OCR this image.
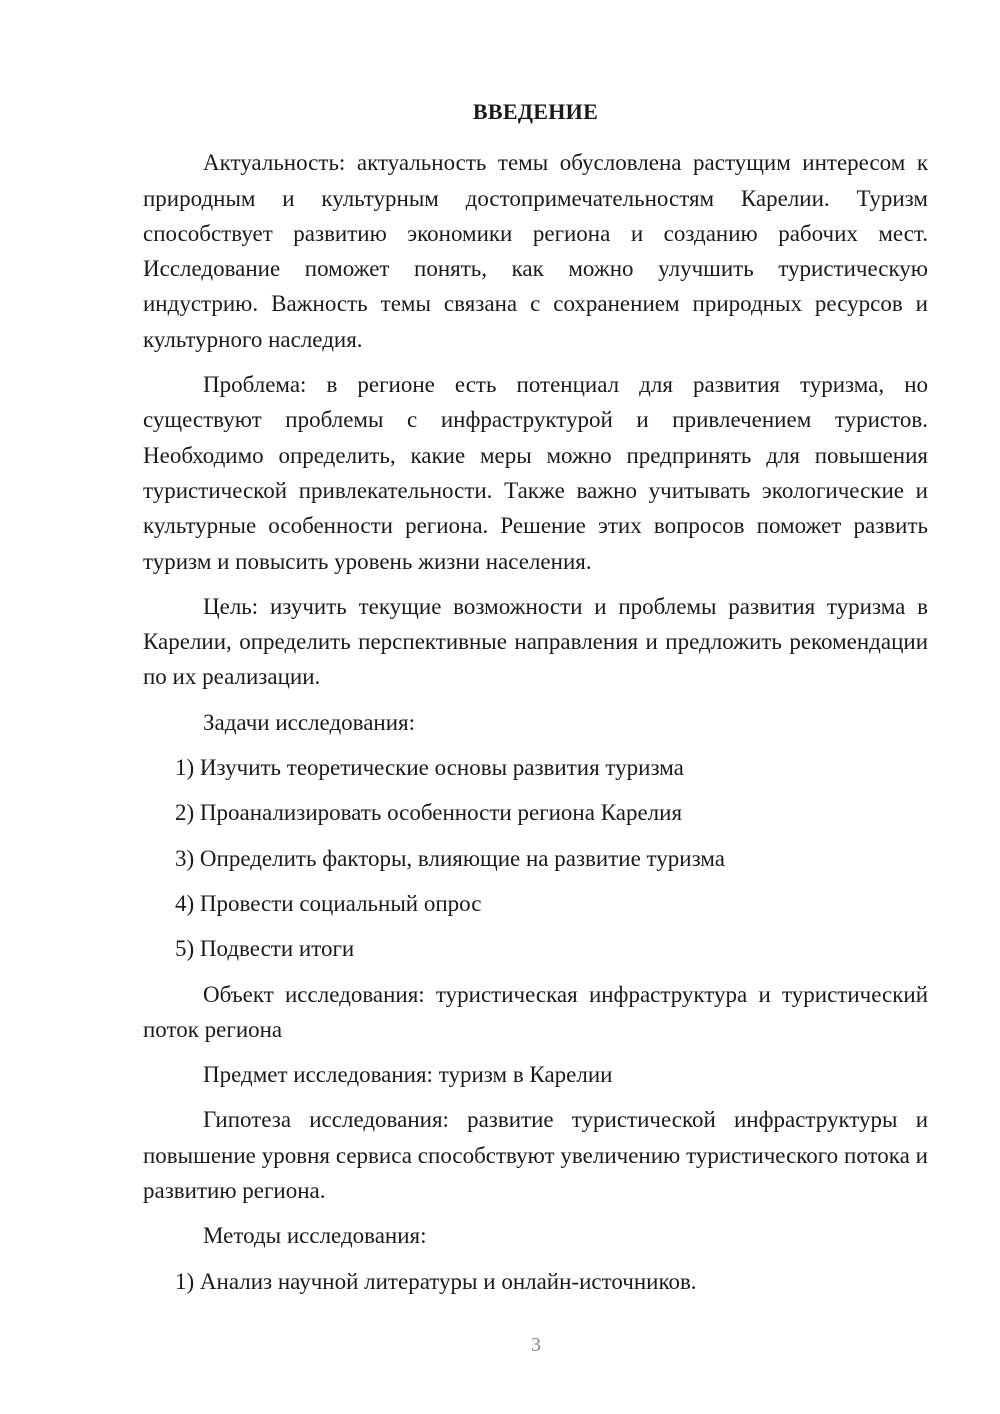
ВВЕДЕНИЕ

Актуальность: актуальность темы обусловлена растущим интересом к природным и культурным достопримечательностям Карелии. Туризм способствует развитию экономики региона и созданию рабочих мест. Исследование поможет понять, как можно улучшить туристическую индустрию. Важность темы связана с сохранением природных ресурсов и культурного наследия.

Проблема: в регионе есть потенциал для развития туризма, но существуют проблемы с инфраструктурой и привлечением туристов. Необходимо определить, какие меры можно предпринять для повышения туристической привлекательности. Также важно учитывать экологические и культурные особенности региона. Решение этих вопросов поможет развить туризм и повысить уровень жизни населения.

Цель: изучить текущие возможности и проблемы развития туризма в Карелии, определить перспективные направления и предложить рекомендации по их реализации.

Задачи исследования:

1) Изучить теоретические основы развития туризма

2) Проанализировать особенности региона Карелия

3) Определить факторы, влияющие на развитие туризма

4) Провести социальный опрос

5) Подвести итоги

Объект исследования: туристическая инфраструктура и туристический поток региона

Предмет исследования: туризм в Карелии

Гипотеза исследования: развитие туристической инфраструктуры и повышение уровня сервиса способствуют увеличению туристического потока и развитию региона.

Методы исследования:

1) Анализ научной литературы и онлайн-источников.

3
